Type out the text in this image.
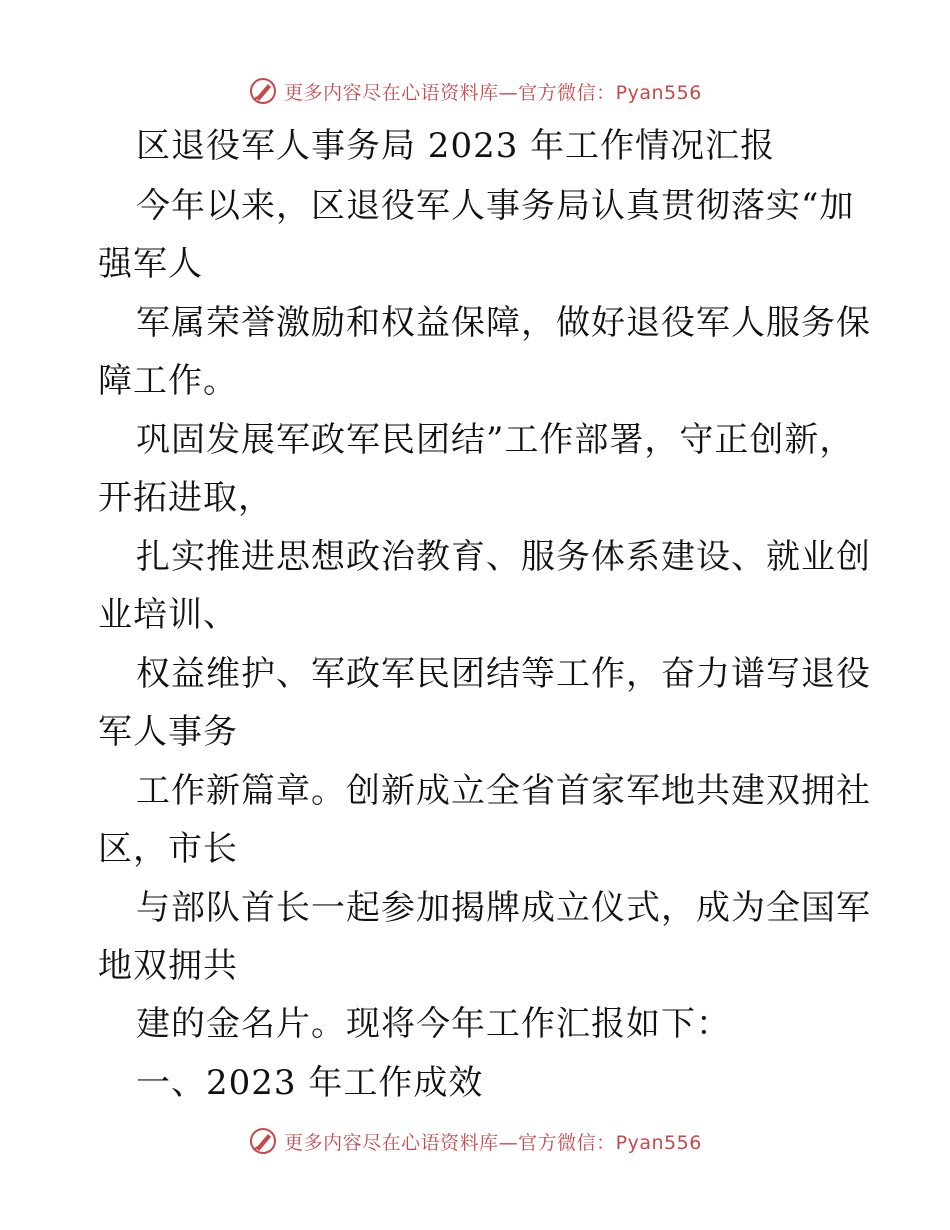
更多内容尽在心语资料库—官方微信：Pyan556
区退役军人事务局 2023 年工作情况汇报
今年以来，区退役军人事务局认真贯彻落实“加
强军人
军属荣誉激励和权益保障，做好退役军人服务保
障工作。
巩固发展军政军民团结”工作部署，守正创新，
开拓进取，
扎实推进思想政治教育、服务体系建设、就业创
业培训、
权益维护、军政军民团结等工作，奋力谱写退役
军人事务
工作新篇章。创新成立全省首家军地共建双拥社
区，市长
与部队首长一起参加揭牌成立仪式，成为全国军
地双拥共
建的金名片。现将今年工作汇报如下：
一、2023 年工作成效
更多内容尽在心语资料库—官方微信：Pyan556
